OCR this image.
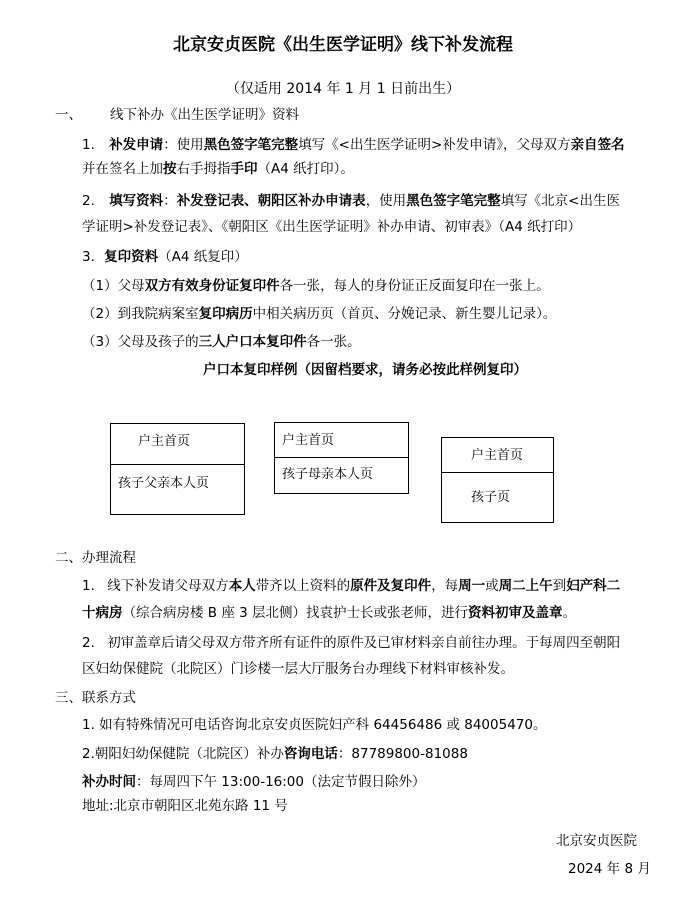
北京安贞医院《出生医学证明》线下补发流程
（仅适用 2014 年 1 月 1 日前出生）
一、 线下补办《出生医学证明》资料
1. 补发申请：使用黑色签字笔完整填写《<出生医学证明>补发申请》，父母双方亲自签名
并在签名上加按右手拇指手印（A4 纸打印）。
2. 填写资料：补发登记表、朝阳区补办申请表，使用黑色签字笔完整填写《北京<出生医
学证明>补发登记表》、《朝阳区《出生医学证明》补办申请、初审表》（A4 纸打印）
3．复印资料（A4 纸复印）
（1）父母双方有效身份证复印件各一张，每人的身份证正反面复印在一张上。
（2）到我院病案室复印病历中相关病历页（首页、分娩记录、新生婴儿记录）。
（3）父母及孩子的三人户口本复印件各一张。
户口本复印样例（因留档要求，请务必按此样例复印）
户主首页
孩子父亲本人页
户主首页
孩子母亲本人页
户主首页
孩子页
二、办理流程
1. 线下补发请父母双方本人带齐以上资料的原件及复印件，每周一或周二上午到妇产科二
十病房（综合病房楼 B 座 3 层北侧）找袁护士长或张老师，进行资料初审及盖章。
2. 初审盖章后请父母双方带齐所有证件的原件及已审材料亲自前往办理。于每周四至朝阳
区妇幼保健院（北院区）门诊楼一层大厅服务台办理线下材料审核补发。
三、联系方式
1. 如有特殊情况可电话咨询北京安贞医院妇产科 64456486 或 84005470。
2.朝阳妇幼保健院（北院区）补办咨询电话：87789800-81088
补办时间：每周四下午 13:00-16:00（法定节假日除外）
地址:北京市朝阳区北苑东路 11 号
北京安贞医院
2024 年 8 月
